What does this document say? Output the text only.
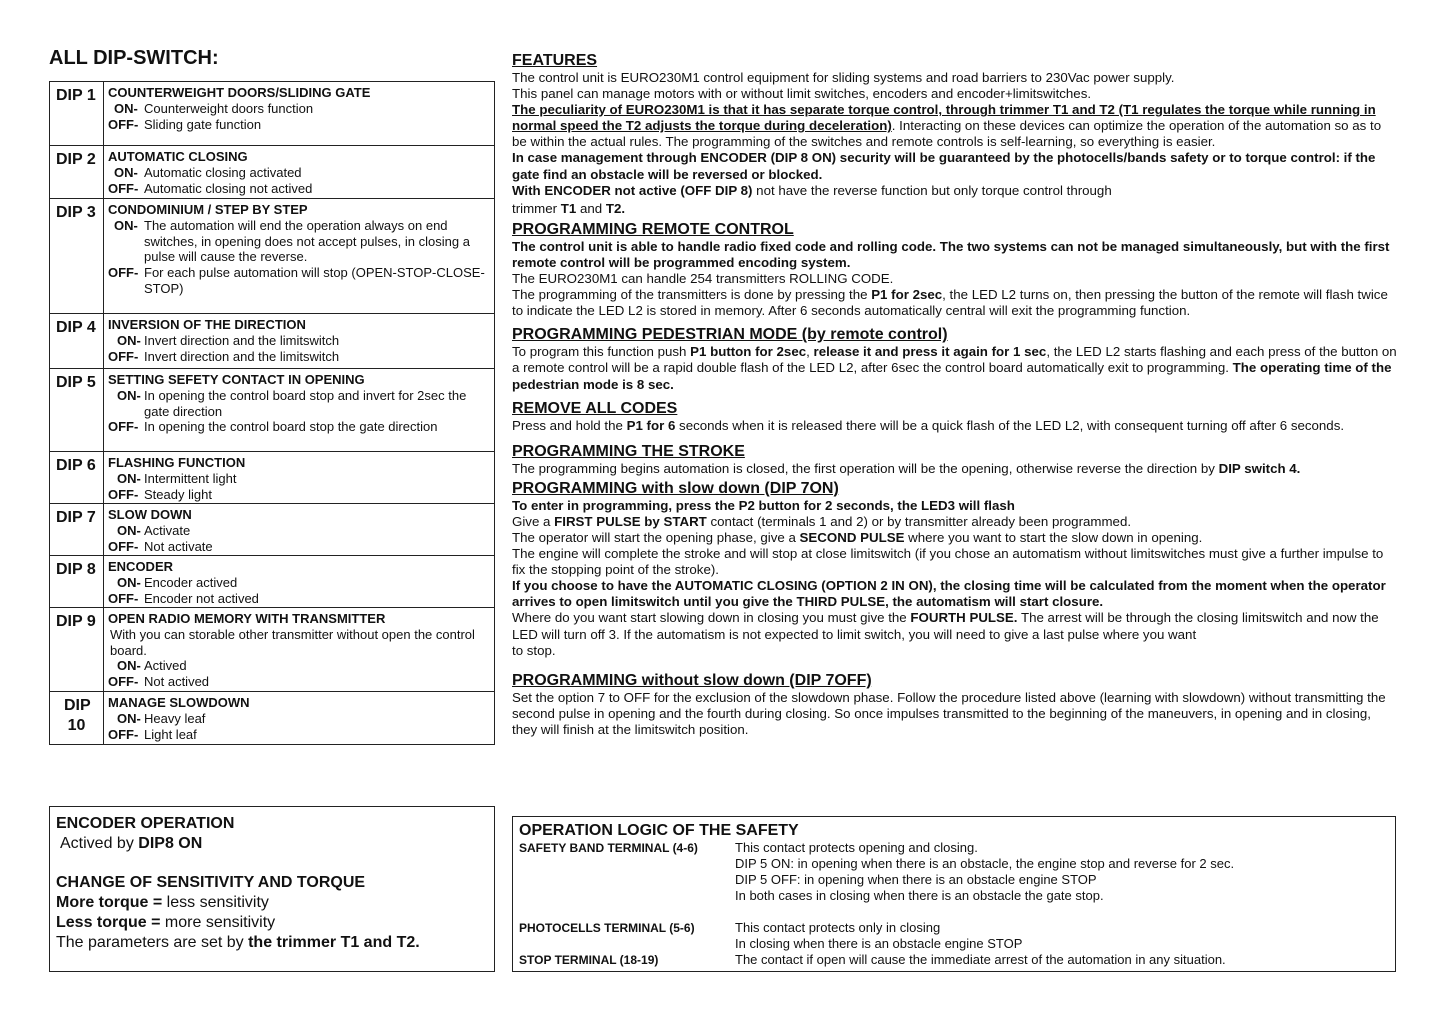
ALL DIP-SWITCH:
DIP 1 COUNTERWEIGHT DOORS/SLIDING GATE
ON- Counterweight doors function
OFF- Sliding gate function
DIP 2 AUTOMATIC CLOSING
ON- Automatic closing activated
OFF- Automatic closing not actived
DIP 3 CONDOMINIUM / STEP BY STEP
ON- The automation will end the operation always on end switches, in opening does not accept pulses, in closing a pulse will cause the reverse.
OFF- For each pulse automation will stop (OPEN-STOP-CLOSE-STOP)
DIP 4 INVERSION OF THE DIRECTION
ON- Invert direction and the limitswitch
OFF- Invert direction and the limitswitch
DIP 5 SETTING SEFETY CONTACT IN OPENING
ON- In opening the control board stop and invert for 2sec the gate direction
OFF- In opening the control board stop the gate direction
DIP 6 FLASHING FUNCTION
ON- Intermittent light
OFF- Steady light
DIP 7 SLOW DOWN
ON- Activate
OFF- Not activate
DIP 8 ENCODER
ON- Encoder actived
OFF- Encoder not actived
DIP 9 OPEN RADIO MEMORY WITH TRANSMITTER
With you can storable other transmitter without open the control board.
ON- Actived
OFF- Not actived
DIP 10
MANAGE SLOWDOWN
ON- Heavy leaf
OFF- Light leaf
ENCODER OPERATION
Actived by DIP8 ON
CHANGE OF SENSITIVITY AND TORQUE
More torque = less sensitivity
Less torque = more sensitivity
The parameters are set by the trimmer T1 and T2.
FEATURES

The control unit is EURO230M1 control equipment for sliding systems and road barriers to 230Vac power supply.

This panel can manage motors with or without limit switches, encoders and encoder+limitswitches.

The peculiarity of EURO230M1 is that it has separate torque control, through trimmer T1 and T2 (T1 regulates the torque while running in normal speed the T2 adjusts the torque during deceleration). Interacting on these devices can optimize the operation of the automation so as to be within the actual rules. The programming of the switches and remote controls is self-learning, so everything is easier.

In case management through ENCODER (DIP 8 ON) security will be guaranteed by the photocells/bands safety or to torque control: if the gate find an obstacle will be reversed or blocked.

With ENCODER not active (OFF DIP 8) not have the reverse function but only torque control through

trimmer T1 and T2.

PROGRAMMING REMOTE CONTROL

The control unit is able to handle radio fixed code and rolling code. The two systems can not be managed simultaneously, but with the first remote control will be programmed encoding system.

The EURO230M1 can handle 254 transmitters ROLLING CODE.

The programming of the transmitters is done by pressing the P1 for 2sec, the LED L2 turns on, then pressing the button of the remote will flash twice to indicate the LED L2 is stored in memory. After 6 seconds automatically central will exit the programming function.

PROGRAMMING PEDESTRIAN MODE (by remote control)

To program this function push P1 button for 2sec, release it and press it again for 1 sec, the LED L2 starts flashing and each press of the button on a remote control will be a rapid double flash of the LED L2, after 6sec the control board automatically exit to programming. The operating time of the pedestrian mode is 8 sec.

REMOVE ALL CODES

Press and hold the P1 for 6 seconds when it is released there will be a quick flash of the LED L2, with consequent turning off after 6 seconds.

PROGRAMMING THE STROKE

The programming begins automation is closed, the first operation will be the opening, otherwise reverse the direction by DIP switch 4.

PROGRAMMING with slow down (DIP 7ON)

To enter in programming, press the P2 button for 2 seconds, the LED3 will flash

Give a FIRST PULSE by START contact (terminals 1 and 2) or by transmitter already been programmed.

The operator will start the opening phase, give a SECOND PULSE where you want to start the slow down in opening.

The engine will complete the stroke and will stop at close limitswitch (if you chose an automatism without limitswitches must give a further impulse to fix the stopping point of the stroke).

If you choose to have the AUTOMATIC CLOSING (OPTION 2 IN ON), the closing time will be calculated from the moment when the operator arrives to open limitswitch until you give the THIRD PULSE, the automatism will start closure.

Where do you want start slowing down in closing you must give the FOURTH PULSE. The arrest will be through the closing limitswitch and now the LED will turn off 3. If the automatism is not expected to limit switch, you will need to give a last pulse where you want

to stop.

PROGRAMMING without slow down (DIP 7OFF)

Set the option 7 to OFF for the exclusion of the slowdown phase. Follow the procedure listed above (learning with slowdown) without transmitting the second pulse in opening and the fourth during closing. So once impulses transmitted to the beginning of the maneuvers, in opening and in closing, they will finish at the limitswitch position.

OPERATION LOGIC OF THE SAFETY
SAFETY BAND TERMINAL (4-6)	This contact protects opening and closing.
DIP 5 ON: in opening when there is an obstacle, the engine stop and reverse for 2 sec.
DIP 5 OFF: in opening when there is an obstacle engine STOP
In both cases in closing when there is an obstacle the gate stop.
PHOTOCELLS TERMINAL (5-6)	This contact protects only in closing
In closing when there is an obstacle engine STOP
STOP TERMINAL (18-19)	The contact if open will cause the immediate arrest of the automation in any situation.
